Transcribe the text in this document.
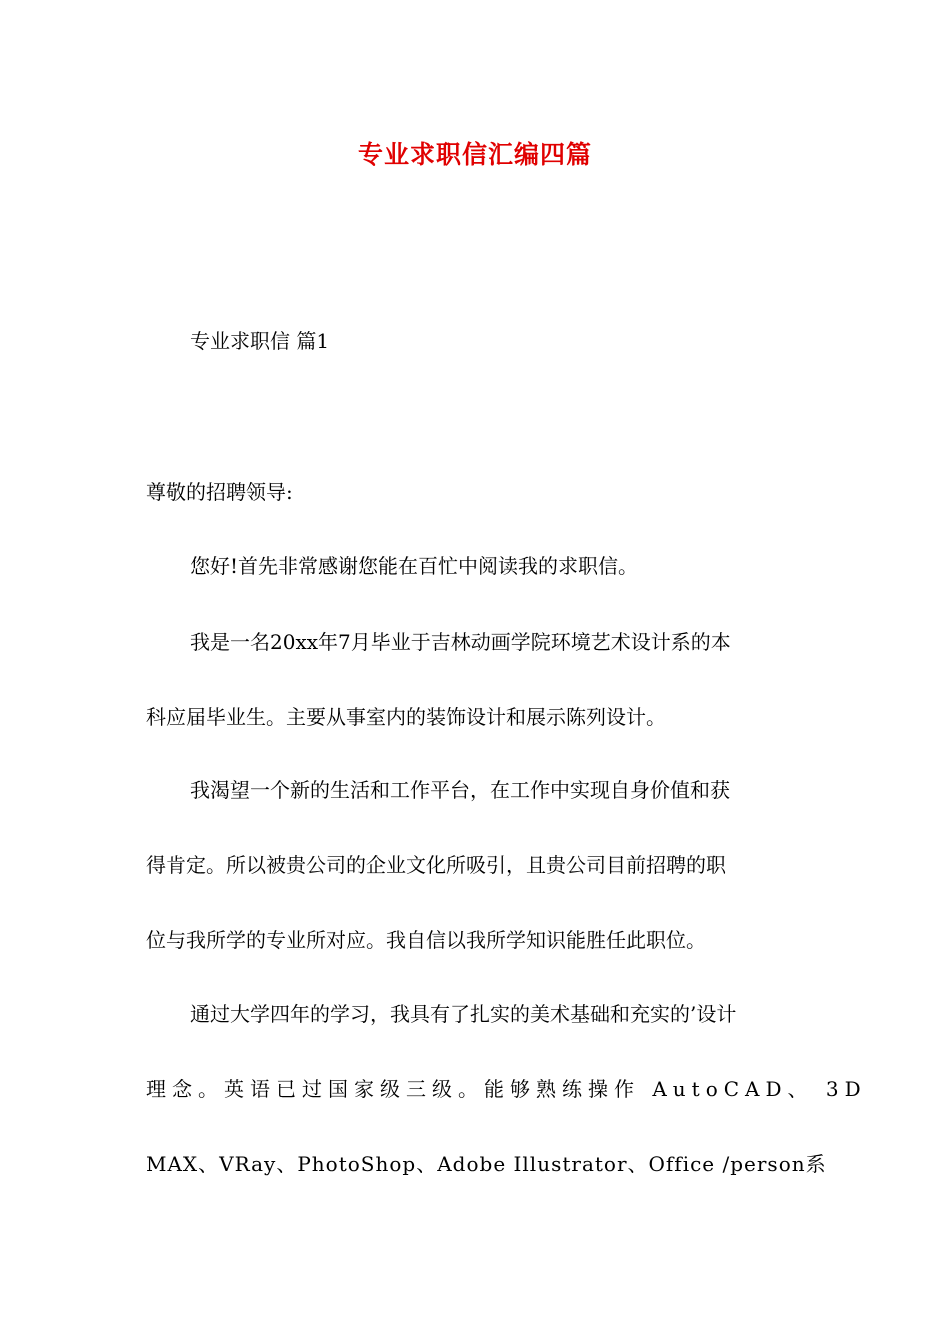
专业求职信汇编四篇
专业求职信 篇1
尊敬的招聘领导:
您好!首先非常感谢您能在百忙中阅读我的求职信。
我是一名20xx年7月毕业于吉林动画学院环境艺术设计系的本
科应届毕业生。主要从事室内的装饰设计和展示陈列设计。
我渴望一个新的生活和工作平台，在工作中实现自身价值和获
得肯定。所以被贵公司的企业文化所吸引，且贵公司目前招聘的职
位与我所学的专业所对应。我自信以我所学知识能胜任此职位。
通过大学四年的学习，我具有了扎实的美术基础和充实的’设计
理念。英语已过国家级三级。能够熟练操作 AutoCAD、 3D
MAX、VRay、PhotoShop、Adobe Illustrator、Office /person系
